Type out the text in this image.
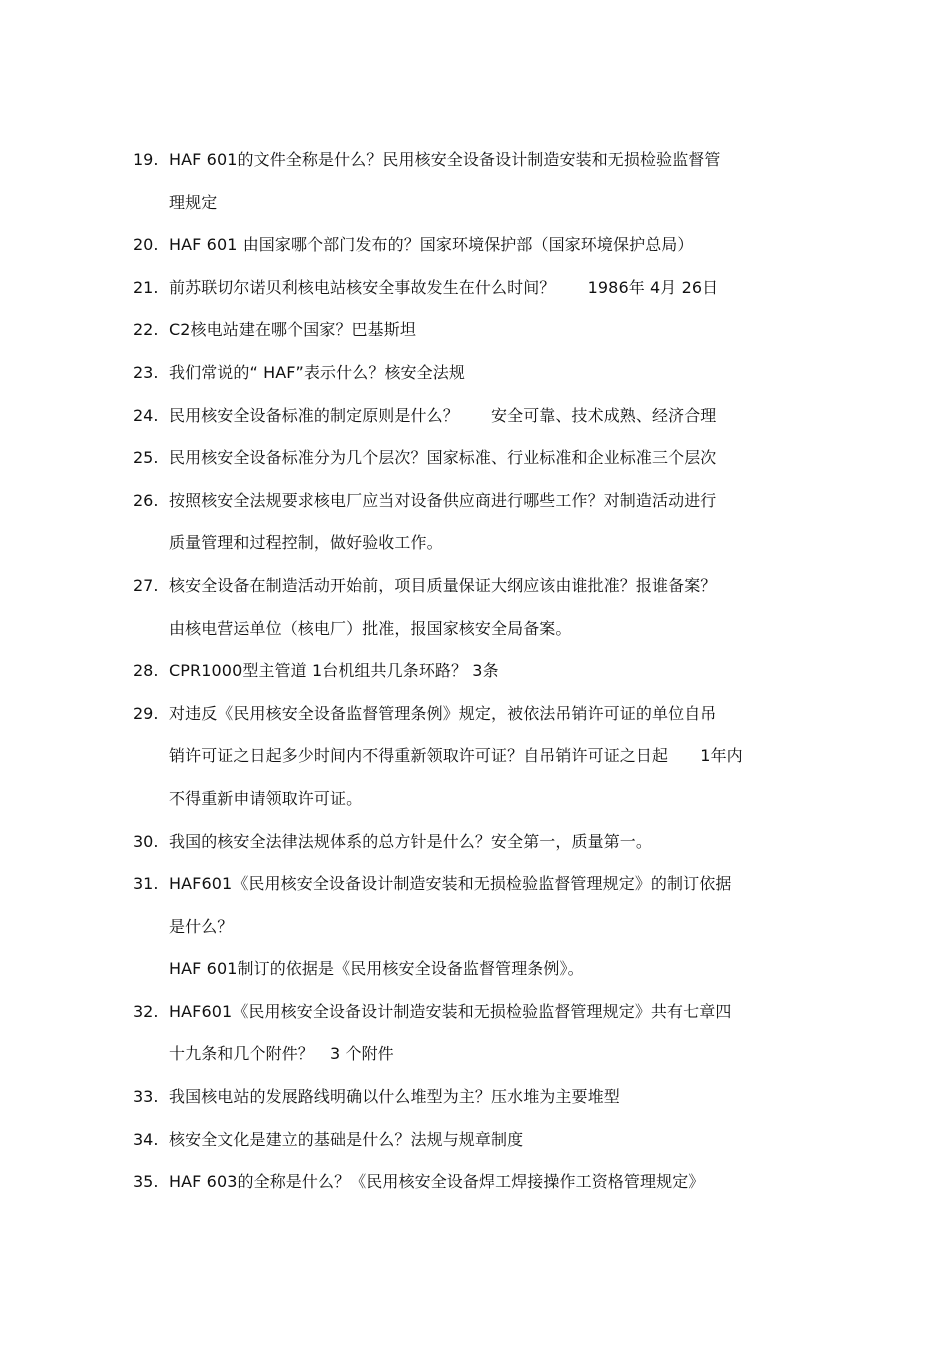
19. HAF 601的文件全称是什么？民用核安全设备设计制造安装和无损检验监督管
理规定
20. HAF 601 由国家哪个部门发布的？国家环境保护部（国家环境保护总局）
21. 前苏联切尔诺贝利核电站核安全事故发生在什么时间？　　1986年 4月 26日
22. C2核电站建在哪个国家？巴基斯坦
23. 我们常说的“ HAF”表示什么？核安全法规
24. 民用核安全设备标准的制定原则是什么？　　安全可靠、技术成熟、经济合理
25. 民用核安全设备标准分为几个层次？国家标准、行业标准和企业标准三个层次
26. 按照核安全法规要求核电厂应当对设备供应商进行哪些工作？对制造活动进行
质量管理和过程控制，做好验收工作。
27. 核安全设备在制造活动开始前，项目质量保证大纲应该由谁批准？报谁备案？
由核电营运单位（核电厂）批准，报国家核安全局备案。
28. CPR1000型主管道 1台机组共几条环路？ 3条
29. 对违反《民用核安全设备监督管理条例》规定，被依法吊销许可证的单位自吊
销许可证之日起多少时间内不得重新领取许可证？自吊销许可证之日起　　1年内
不得重新申请领取许可证。
30. 我国的核安全法律法规体系的总方针是什么？安全第一，质量第一。
31. HAF601《民用核安全设备设计制造安装和无损检验监督管理规定》的制订依据
是什么？
HAF 601制订的依据是《民用核安全设备监督管理条例》。
32. HAF601《民用核安全设备设计制造安装和无损检验监督管理规定》共有七章四
十九条和几个附件？　3 个附件
33. 我国核电站的发展路线明确以什么堆型为主？压水堆为主要堆型
34. 核安全文化是建立的基础是什么？法规与规章制度
35. HAF 603的全称是什么？《民用核安全设备焊工焊接操作工资格管理规定》
